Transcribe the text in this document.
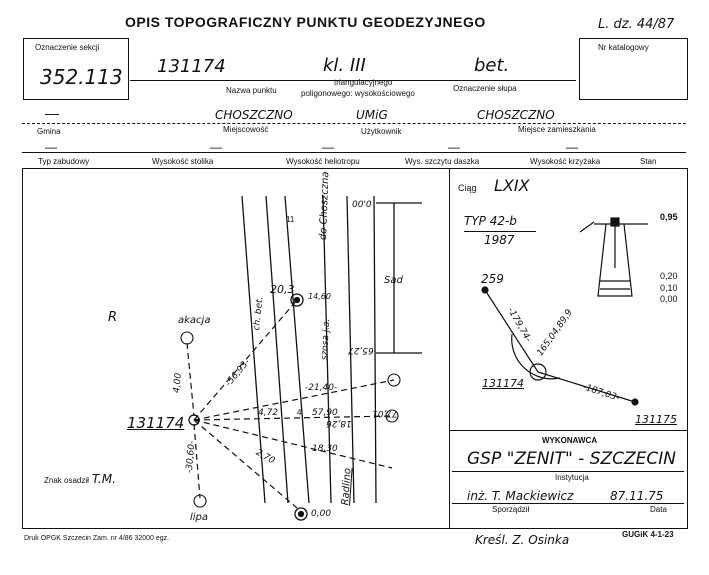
OPIS TOPOGRAFICZNY PUNKTU GEODEZYJNEGO	L. dz. 44/87
Oznaczenie sekcji
352.113
Nr katalogowy
131174	kl. III	bet.
Nazwa punktu
triangulacyjnego
poligonowego: wysokościowego
Oznaczenie słupa
—	CHOSZCZNO	UMiG	CHOSZCZNO
Gmina	Miejscowość	Użytkownik	Miejsce zamieszkania
—	—	—	—	—
Typ zabudowy	Wysokość stolika	Wysokość heliotropu	Wys. szczytu daszka	Wysokość krzyżaka	Stan
R	akacja
lipa
131174
ch. bet.
szosa j.a.
do Choszczna
Radlino
Sad
20,3
14,60
00'0
65,27
-56,93-
4,00	-21,40-
4,72	57,90	77,01
18,26
18,30
2,70
-30,60-
0,00
11
4
Znak osadził T.M.
Ciąg LXIX
TYP 42-b
1987
0,95
0,20
0,10
0,00
259
131174
131175
-179,74- 165,04,89,9
-187,03-
WYKONAWCA
GSP "ZENIT" - SZCZECIN
Instytucja
inż. T. Mackiewicz	87.11.75
Sporządził	Data
Druk OPGK Szczecin Zam. nr 4/86 32000 egz.	Kreśl. Z. Osinka	GUGiK 4-1-23
